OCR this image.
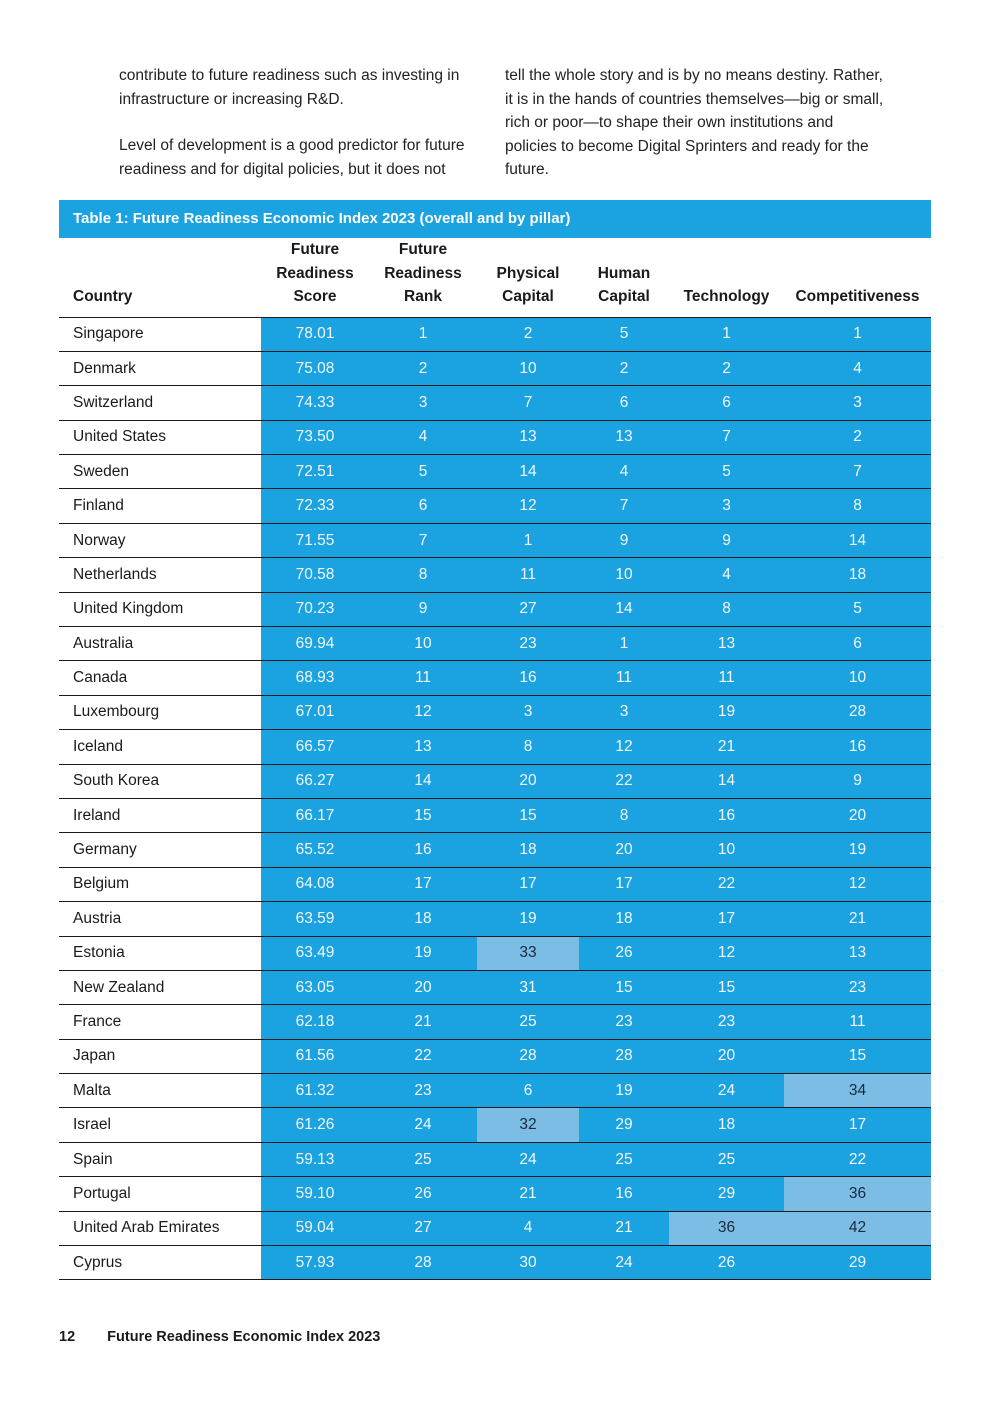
contribute to future readiness such as investing in infrastructure or increasing R&D.

Level of development is a good predictor for future readiness and for digital policies, but it does not

tell the whole story and is by no means destiny. Rather, it is in the hands of countries themselves—big or small, rich or poor—to shape their own institutions and policies to become Digital Sprinters and ready for the future.

Table 1: Future Readiness Economic Index 2023 (overall and by pillar)
Country	Future Readiness Score	Future Readiness Rank	Physical Capital	Human Capital	Technology	Competitiveness
Singapore	78.01	1	2	5	1	1
Denmark	75.08	2	10	2	2	4
Switzerland	74.33	3	7	6	6	3
United States	73.50	4	13	13	7	2
Sweden	72.51	5	14	4	5	7
Finland	72.33	6	12	7	3	8
Norway	71.55	7	1	9	9	14
Netherlands	70.58	8	11	10	4	18
United Kingdom	70.23	9	27	14	8	5
Australia	69.94	10	23	1	13	6
Canada	68.93	11	16	11	11	10
Luxembourg	67.01	12	3	3	19	28
Iceland	66.57	13	8	12	21	16
South Korea	66.27	14	20	22	14	9
Ireland	66.17	15	15	8	16	20
Germany	65.52	16	18	20	10	19
Belgium	64.08	17	17	17	22	12
Austria	63.59	18	19	18	17	21
Estonia	63.49	19	33	26	12	13
New Zealand	63.05	20	31	15	15	23
France	62.18	21	25	23	23	11
Japan	61.56	22	28	28	20	15
Malta	61.32	23	6	19	24	34
Israel	61.26	24	32	29	18	17
Spain	59.13	25	24	25	25	22
Portugal	59.10	26	21	16	29	36
United Arab Emirates	59.04	27	4	21	36	42
Cyprus	57.93	28	30	24	26	29
12 Future Readiness Economic Index 2023
